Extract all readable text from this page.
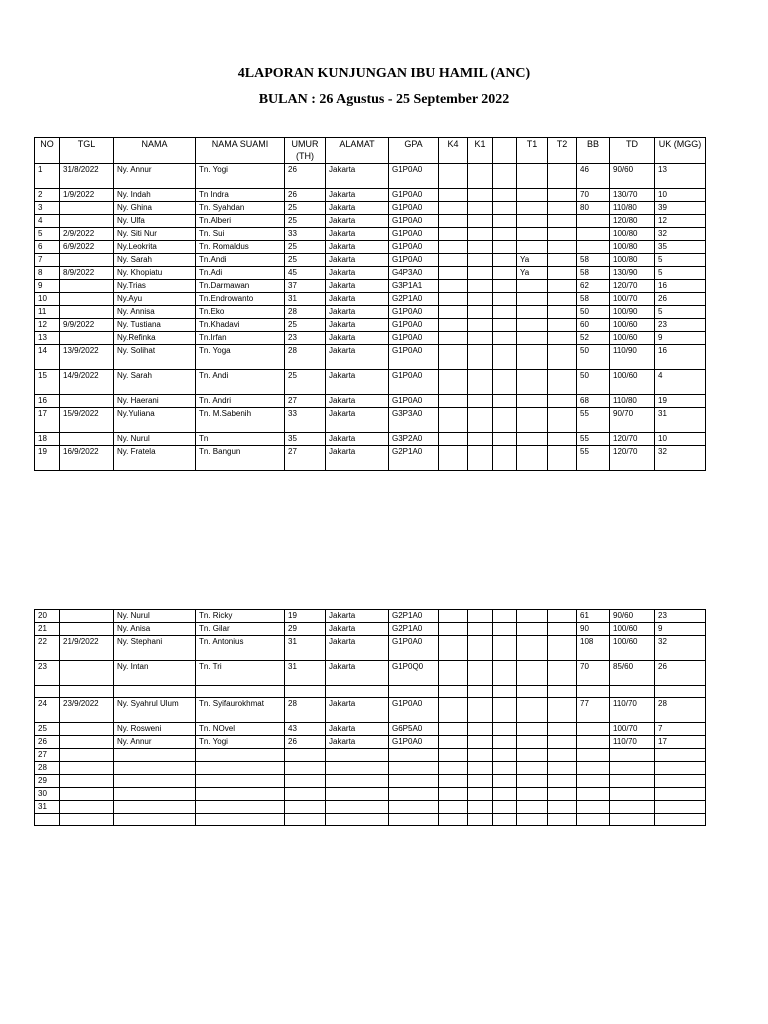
4LAPORAN KUNJUNGAN IBU HAMIL (ANC)
BULAN : 26 Agustus - 25 September 2022
NO	TGL	NAMA	NAMA SUAMI	UMUR (TH)	ALAMAT	GPA	K4	K1		T1	T2	BB	TD	UK (MGG)
1	31/8/2022	Ny. Annur	Tn. Yogi	26	Jakarta	G1P0A0						46	90/60	13
2	1/9/2022	Ny. Indah	Tn Indra	26	Jakarta	G1P0A0						70	130/70	10
3		Ny. Ghina	Tn. Syahdan	25	Jakarta	G1P0A0						80	110/80	39
4		Ny. Ulfa	Tn.Alberi	25	Jakarta	G1P0A0							120/80	12
5	2/9/2022	Ny. Siti Nur	Tn. Sui	33	Jakarta	G1P0A0							100/80	32
6	6/9/2022	Ny.Leokrita	Tn. Romaldus	25	Jakarta	G1P0A0							100/80	35
7		Ny. Sarah	Tn.Andi	25	Jakarta	G1P0A0				Ya		58	100/80	5
8	8/9/2022	Ny. Khopiatu	Tn.Adi	45	Jakarta	G4P3A0				Ya		58	130/90	5
9		Ny.Trias	Tn.Darmawan	37	Jakarta	G3P1A1						62	120/70	16
10		Ny.Ayu	Tn.Endrowanto	31	Jakarta	G2P1A0						58	100/70	26
11		Ny. Annisa	Tn.Eko	28	Jakarta	G1P0A0						50	100/90	5
12	9/9/2022	Ny. Tustiana	Tn.Khadavi	25	Jakarta	G1P0A0						60	100/60	23
13		Ny.Refinka	Tn.Irfan	23	Jakarta	G1P0A0						52	100/60	9
14	13/9/2022	Ny. Solihat	Tn. Yoga	28	Jakarta	G1P0A0						50	110/90	16
15	14/9/2022	Ny. Sarah	Tn. Andi	25	Jakarta	G1P0A0						50	100/60	4
16		Ny. Haerani	Tn. Andri	27	Jakarta	G1P0A0						68	110/80	19
17	15/9/2022	Ny.Yuliana	Tn. M.Sabenih	33	Jakarta	G3P3A0						55	90/70	31
18		Ny. Nurul	Tn	35	Jakarta	G3P2A0						55	120/70	10
19	16/9/2022	Ny. Fratela	Tn. Bangun	27	Jakarta	G2P1A0						55	120/70	32
20		Ny. Nurul	Tn. Ricky	19	Jakarta	G2P1A0						61	90/60	23
21		Ny. Anisa	Tn. Gilar	29	Jakarta	G2P1A0						90	100/60	9
22	21/9/2022	Ny. Stephani	Tn. Antonius	31	Jakarta	G1P0A0						108	100/60	32
23		Ny. Intan	Tn. Tri	31	Jakarta	G1P0Q0						70	85/60	26

24	23/9/2022	Ny. Syahrul Ulum	Tn. Syifaurokhmat	28	Jakarta	G1P0A0						77	110/70	28
25		Ny. Rosweni	Tn. NOvel	43	Jakarta	G6P5A0							100/70	7
26		Ny. Annur	Tn. Yogi	26	Jakarta	G1P0A0							110/70	17
27														
28														
29														
30														
31														
